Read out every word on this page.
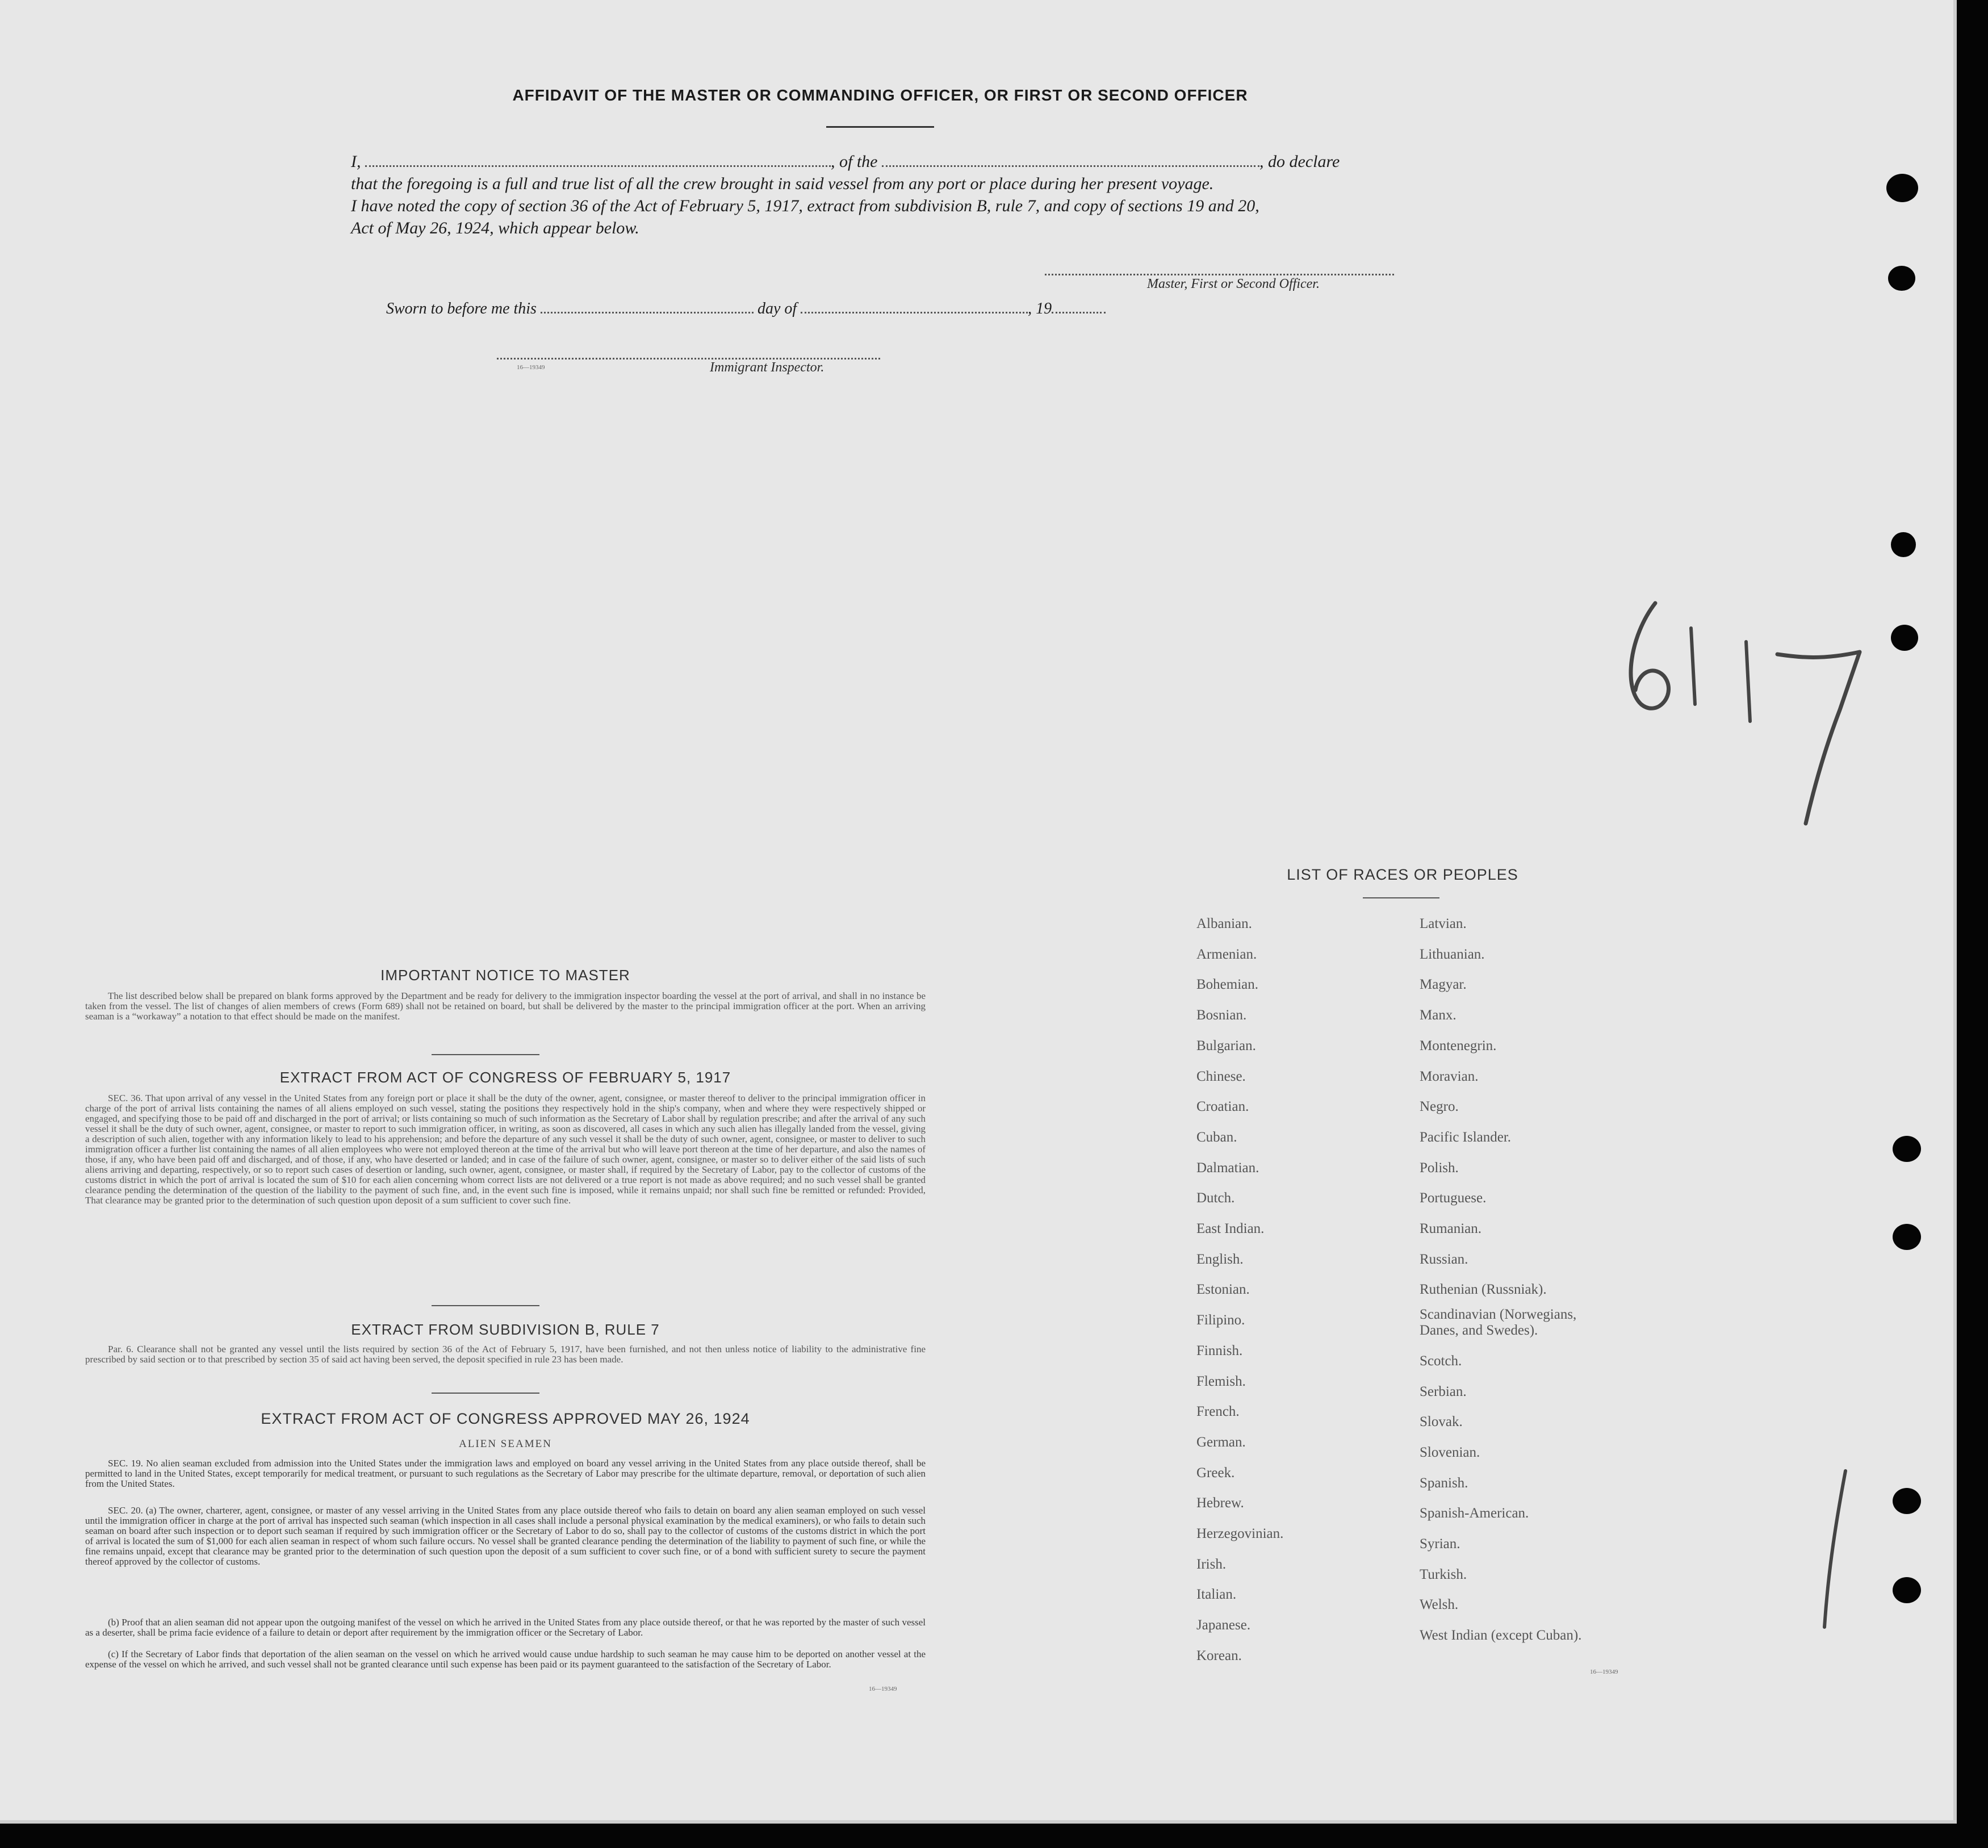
AFFIDAVIT OF THE MASTER OR COMMANDING OFFICER, OR FIRST OR SECOND OFFICER
I,	, of the	, do declare
that the foregoing is a full and true list of all the crew brought in said vessel from any port or place during her present voyage.
I have noted the copy of section 36 of the Act of February 5, 1917, extract from subdivision B, rule 7, and copy of sections 19 and 20,
Act of May 26, 1924, which appear below.
Master, First or Second Officer.
Sworn to before me this	day of	, 19
16—19349	Immigrant Inspector.
IMPORTANT NOTICE TO MASTER
The list described below shall be prepared on blank forms approved by the Department and be ready for delivery to the immigration inspector boarding the vessel at the port of arrival, and shall in no instance be taken from the vessel. The list of changes of alien members of crews (Form 689) shall not be retained on board, but shall be delivered by the master to the principal immigration officer at the port. When an arriving seaman is a “workaway” a notation to that effect should be made on the manifest.
EXTRACT FROM ACT OF CONGRESS OF FEBRUARY 5, 1917
SEC. 36. That upon arrival of any vessel in the United States from any foreign port or place it shall be the duty of the owner, agent, consignee, or master thereof to deliver to the principal immigration officer in charge of the port of arrival lists containing the names of all aliens employed on such vessel, stating the positions they respectively hold in the ship's company, when and where they were respectively shipped or engaged, and specifying those to be paid off and discharged in the port of arrival; or lists containing so much of such information as the Secretary of Labor shall by regulation prescribe; and after the arrival of any such vessel it shall be the duty of such owner, agent, consignee, or master to report to such immigration officer, in writing, as soon as discovered, all cases in which any such alien has illegally landed from the vessel, giving a description of such alien, together with any information likely to lead to his apprehension; and before the departure of any such vessel it shall be the duty of such owner, agent, consignee, or master to deliver to such immigration officer a further list containing the names of all alien employees who were not employed thereon at the time of the arrival but who will leave port thereon at the time of her departure, and also the names of those, if any, who have been paid off and discharged, and of those, if any, who have deserted or landed; and in case of the failure of such owner, agent, consignee, or master so to deliver either of the said lists of such aliens arriving and departing, respectively, or so to report such cases of desertion or landing, such owner, agent, consignee, or master shall, if required by the Secretary of Labor, pay to the collector of customs of the customs district in which the port of arrival is located the sum of $10 for each alien concerning whom correct lists are not delivered or a true report is not made as above required; and no such vessel shall be granted clearance pending the determination of the question of the liability to the payment of such fine, and, in the event such fine is imposed, while it remains unpaid; nor shall such fine be remitted or refunded: Provided, That clearance may be granted prior to the determination of such question upon deposit of a sum sufficient to cover such fine.
EXTRACT FROM SUBDIVISION B, RULE 7
Par. 6. Clearance shall not be granted any vessel until the lists required by section 36 of the Act of February 5, 1917, have been furnished, and not then unless notice of liability to the administrative fine prescribed by said section or to that prescribed by section 35 of said act having been served, the deposit specified in rule 23 has been made.
EXTRACT FROM ACT OF CONGRESS APPROVED MAY 26, 1924
ALIEN SEAMEN
SEC. 19. No alien seaman excluded from admission into the United States under the immigration laws and employed on board any vessel arriving in the United States from any place outside thereof, shall be permitted to land in the United States, except temporarily for medical treatment, or pursuant to such regulations as the Secretary of Labor may prescribe for the ultimate departure, removal, or deportation of such alien from the United States.
SEC. 20. (a) The owner, charterer, agent, consignee, or master of any vessel arriving in the United States from any place outside thereof who fails to detain on board any alien seaman employed on such vessel until the immigration officer in charge at the port of arrival has inspected such seaman (which inspection in all cases shall include a personal physical examination by the medical examiners), or who fails to detain such seaman on board after such inspection or to deport such seaman if required by such immigration officer or the Secretary of Labor to do so, shall pay to the collector of customs of the customs district in which the port of arrival is located the sum of $1,000 for each alien seaman in respect of whom such failure occurs. No vessel shall be granted clearance pending the determination of the liability to payment of such fine, or while the fine remains unpaid, except that clearance may be granted prior to the determination of such question upon the deposit of a sum sufficient to cover such fine, or of a bond with sufficient surety to secure the payment thereof approved by the collector of customs.
(b) Proof that an alien seaman did not appear upon the outgoing manifest of the vessel on which he arrived in the United States from any place outside thereof, or that he was reported by the master of such vessel as a deserter, shall be prima facie evidence of a failure to detain or deport after requirement by the immigration officer or the Secretary of Labor.
(c) If the Secretary of Labor finds that deportation of the alien seaman on the vessel on which he arrived would cause undue hardship to such seaman he may cause him to be deported on another vessel at the expense of the vessel on which he arrived, and such vessel shall not be granted clearance until such expense has been paid or its payment guaranteed to the satisfaction of the Secretary of Labor.
16—19349
LIST OF RACES OR PEOPLES
Albanian.
Armenian.
Bohemian.
Bosnian.
Bulgarian.
Chinese.
Croatian.
Cuban.
Dalmatian.
Dutch.
East Indian.
English.
Estonian.
Filipino.
Finnish.
Flemish.
French.
German.
Greek.
Hebrew.
Herzegovinian.
Irish.
Italian.
Japanese.
Korean.
Latvian.
Lithuanian.
Magyar.
Manx.
Montenegrin.
Moravian.
Negro.
Pacific Islander.
Polish.
Portuguese.
Rumanian.
Russian.
Ruthenian (Russniak).
Scandinavian (Norwegians,
Danes, and Swedes).
Scotch.
Serbian.
Slovak.
Slovenian.
Spanish.
Spanish-American.
Syrian.
Turkish.
Welsh.
West Indian (except Cuban).
16—19349
6/17
1
